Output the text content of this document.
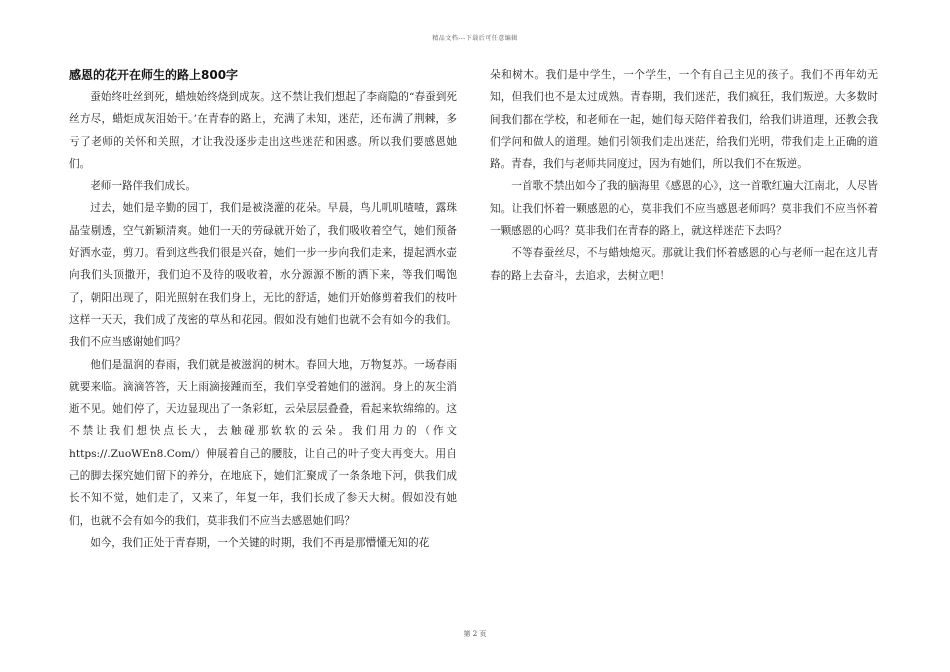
精品文档---下载后可任意编辑
感恩的花开在师生的路上800字

蚕始终吐丝到死，蜡烛始终烧到成灰。这不禁让我们想起了李商隐的“春蚕到死丝方尽，蜡炬成灰泪始干。’在青春的路上，充满了未知，迷茫，还布满了荆棘，多亏了老师的关怀和关照，才让我没逐步走出这些迷茫和困惑。所以我们要感恩她们。

老师一路伴我们成长。

过去，她们是辛勤的园丁，我们是被浇灌的花朵。早晨，鸟儿叽叽喳喳，露珠晶莹剔透，空气新颖清爽。她们一天的劳碌就开始了，我们吸收着空气，她们预备好洒水壶，剪刀。看到这些我们很是兴奋，她们一步一步向我们走来，提起洒水壶向我们头顶撒开，我们迫不及待的吸收着，水分源源不断的洒下来，等我们喝饱了，朝阳出现了，阳光照射在我们身上，无比的舒适，她们开始修剪着我们的枝叶这样一天天，我们成了茂密的草丛和花园。假如没有她们也就不会有如今的我们。我们不应当感谢她们吗？

他们是温润的春雨，我们就是被滋润的树木。春回大地，万物复苏。一场春雨就要来临。滴滴答答，天上雨滴接踵而至，我们享受着她们的滋润。身上的灰尘消逝不见。她们停了，天边显现出了一条彩虹，云朵层层叠叠，看起来软绵绵的。这不禁让我们想快点长大，去触碰那软软的云朵。我们用力的（作文https://.ZuoWEn8.Com/）伸展着自己的腰肢，让自己的叶子变大再变大。用自己的脚去探究她们留下的养分，在地底下，她们汇聚成了一条条地下河，供我们成长不知不觉，她们走了，又来了，年复一年，我们长成了参天大树。假如没有她们，也就不会有如今的我们，莫非我们不应当去感恩她们吗？

如今，我们正处于青春期，一个关键的时期，我们不再是那懵懂无知的花

朵和树木。我们是中学生，一个学生，一个有自己主见的孩子。我们不再年幼无知，但我们也不是太过成熟。青春期，我们迷茫，我们疯狂，我们叛逆。大多数时间我们都在学校，和老师在一起，她们每天陪伴着我们，给我们讲道理，还教会我们学问和做人的道理。她们引领我们走出迷茫，给我们光明，带我们走上正确的道路。青春，我们与老师共同度过，因为有她们，所以我们不在叛逆。

一首歌不禁出如今了我的脑海里《感恩的心》，这一首歌红遍大江南北，人尽皆知。让我们怀着一颗感恩的心，莫非我们不应当感恩老师吗？莫非我们不应当怀着一颗感恩的心吗？莫非我们在青春的路上，就这样迷茫下去吗？

不等春蚕丝尽，不与蜡烛熄灭。那就让我们怀着感恩的心与老师一起在这儿青春的路上去奋斗，去追求，去树立吧！

第 2 页
